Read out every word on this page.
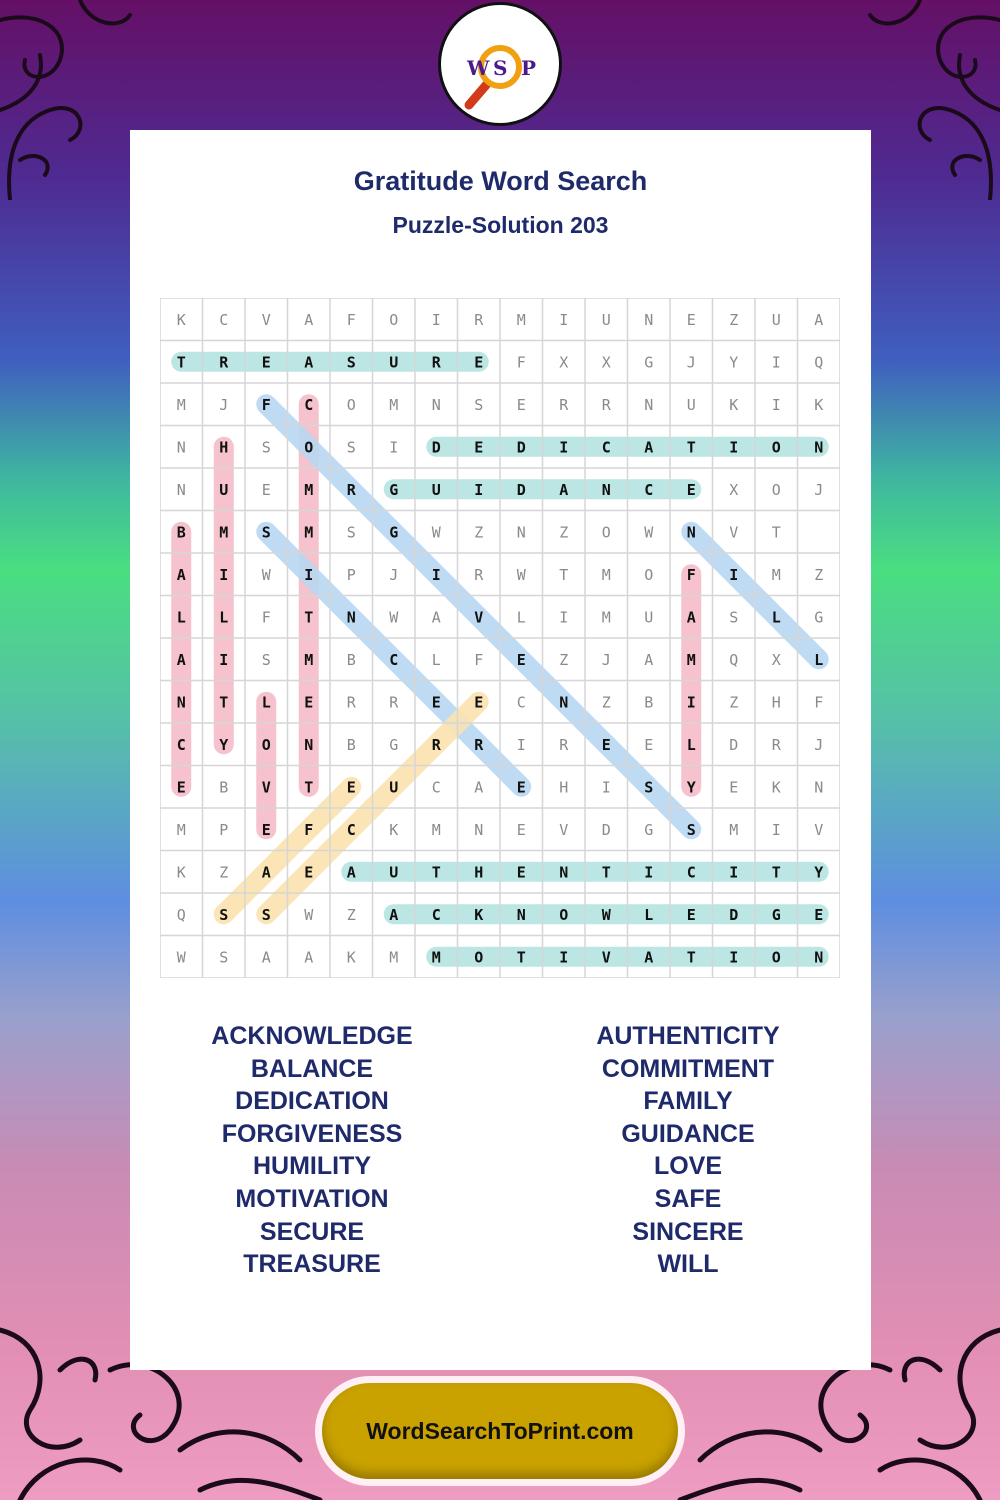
W S P
Gratitude Word Search
Puzzle-Solution 203
K C V A F O I R M I U N E Z U A
T R E A S U R E F X X G J Y I Q
M J F C O M N S E R R N U K I K
N H S O S I D E D I C A T I O N
N U E M R G U I D A N C E X O J
B M S M S G W Z N Z O W N V T
A I W I P J I R W T M O F I M Z
L L F T N W A V L I M U A S L G
A I S M B C L F E Z J A M Q X L
N T L E R R E E C N Z B I Z H F
C Y O N B G R R I R E E L D R J
E B V T E U C A E H I S Y E K N
M P E F C K M N E V D G S M I V
K Z A E A U T H E N T I C I T Y
Q S S W Z A C K N O W L E D G E
W S A A K M M O T I V A T I O N
ACKNOWLEDGE
BALANCE
DEDICATION
FORGIVENESS
HUMILITY
MOTIVATION
SECURE
TREASURE
AUTHENTICITY
COMMITMENT
FAMILY
GUIDANCE
LOVE
SAFE
SINCERE
WILL
WordSearchToPrint.com
